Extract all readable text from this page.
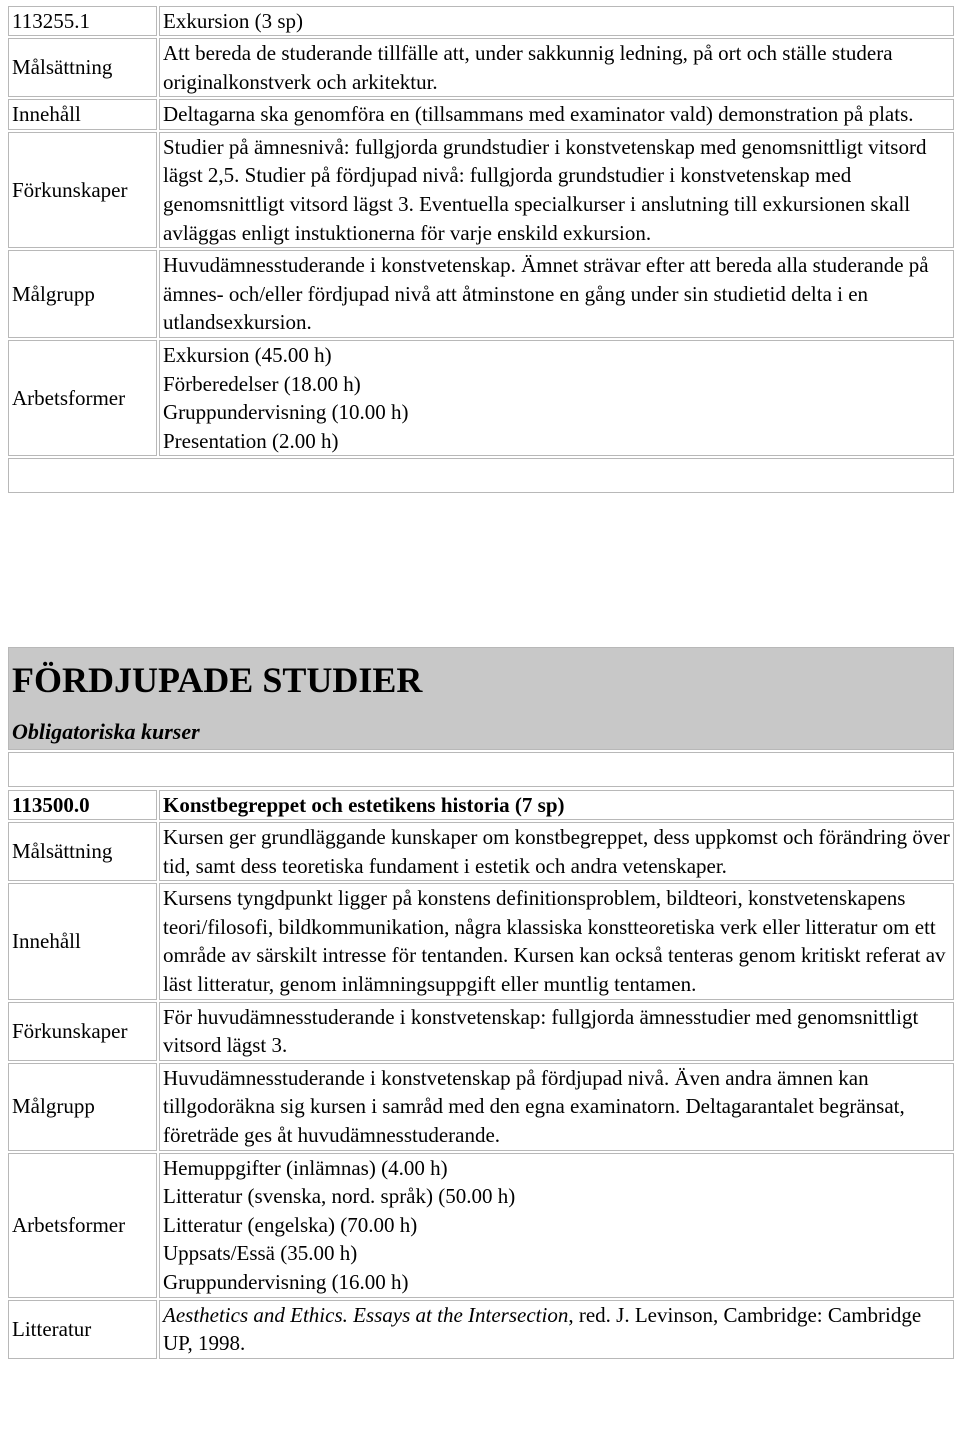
113255.1	Exkursion (3 sp)
Målsättning	Att bereda de studerande tillfälle att, under sakkunnig ledning, på ort och ställe studera originalkonstverk och arkitektur.
Innehåll	Deltagarna ska genomföra en (tillsammans med examinator vald) demonstration på plats.
Förkunskaper	Studier på ämnesnivå: fullgjorda grundstudier i konstvetenskap med genomsnittligt vitsord lägst 2,5. Studier på fördjupad nivå: fullgjorda grundstudier i konstvetenskap med genomsnittligt vitsord lägst 3. Eventuella specialkurser i anslutning till exkursionen skall avläggas enligt instuktionerna för varje enskild exkursion.
Målgrupp	Huvudämnesstuderande i konstvetenskap. Ämnet strävar efter att bereda alla studerande på ämnes- och/eller fördjupad nivå att åtminstone en gång under sin studietid delta i en utlandsexkursion.
Arbetsformer	Exkursion (45.00 h)
Förberedelser (18.00 h)
Gruppundervisning (10.00 h)
Presentation (2.00 h)

FÖRDJUPADE STUDIER
Obligatoriska kurser

113500.0	Konstbegreppet och estetikens historia (7 sp)
Målsättning	Kursen ger grundläggande kunskaper om konstbegreppet, dess uppkomst och förändring över tid, samt dess teoretiska fundament i estetik och andra vetenskaper.
Innehåll	Kursens tyngdpunkt ligger på konstens definitionsproblem, bildteori, konstvetenskapens teori/filosofi, bildkommunikation, några klassiska konstteoretiska verk eller litteratur om ett område av särskilt intresse för tentanden. Kursen kan också tenteras genom kritiskt referat av läst litteratur, genom inlämningsuppgift eller muntlig tentamen.
Förkunskaper	För huvudämnesstuderande i konstvetenskap: fullgjorda ämnesstudier med genomsnittligt vitsord lägst 3.
Målgrupp	Huvudämnesstuderande i konstvetenskap på fördjupad nivå. Även andra ämnen kan tillgodoräkna sig kursen i samråd med den egna examinatorn. Deltagarantalet begränsat, företräde ges åt huvudämnesstuderande.
Arbetsformer	Hemuppgifter (inlämnas) (4.00 h)
Litteratur (svenska, nord. språk) (50.00 h)
Litteratur (engelska) (70.00 h)
Uppsats/Essä (35.00 h)
Gruppundervisning (16.00 h)

Litteratur	Aesthetics and Ethics. Essays at the Intersection, red. J. Levinson, Cambridge: Cambridge UP, 1998.
